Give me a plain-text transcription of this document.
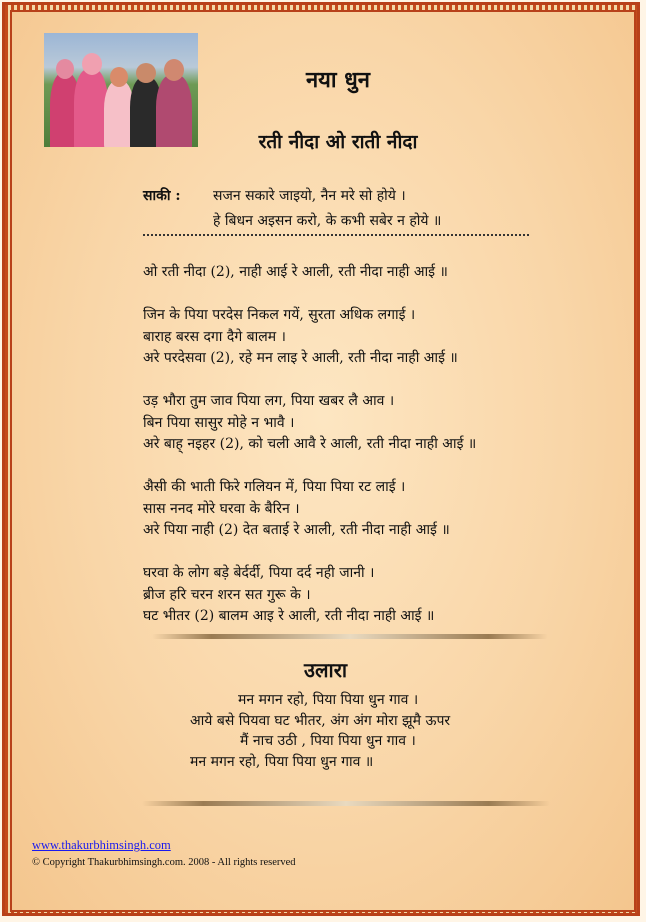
नया धुन
रती नीदा ओ राती नीदा
साकी : सजन सकारे जाइयो, नैन मरे सो होये ।
हे बिधन अइसन करो, के कभी सबेर न होये ॥
ओ रती नीदा (2), नाही आई रे आली, रती नीदा नाही आई ॥
जिन के पिया परदेस निकल गयें, सुरता अधिक लगाई ।
बाराह बरस दगा दैगे बालम ।
अरे परदेसवा (2), रहे मन लाइ रे आली, रती नीदा नाही आई ॥
उड़ भौरा तुम जाव पिया लग, पिया खबर लै आव ।
बिन पिया सासुर मोहे न भावै ।
अरे बाह् नइहर (2), को चली आवै रे आली, रती नीदा नाही आई ॥
अैसी की भाती फिरे गलियन में, पिया पिया रट लाई ।
सास ननद मोरे घरवा के बैरिन ।
अरे पिया नाही (2) देत बताई रे आली, रती नीदा नाही आई ॥
घरवा के लोग बड़े बेर्दर्दी, पिया दर्द नही जानी ।
ब्रीज हरि चरन शरन सत गुरू के ।
घट भीतर (2) बालम आइ रे आली, रती नीदा नाही आई ॥
उलारा
मन मगन रहो, पिया पिया धुन गाव ।
आये बसे पियवा घट भीतर, अंग अंग मोरा झूमै ऊपर
मैं नाच उठी , पिया पिया धुन गाव ।
मन मगन रहो, पिया पिया धुन गाव ॥
www.thakurbhimsingh.com
© Copyright Thakurbhimsingh.com. 2008 - All rights reserved
